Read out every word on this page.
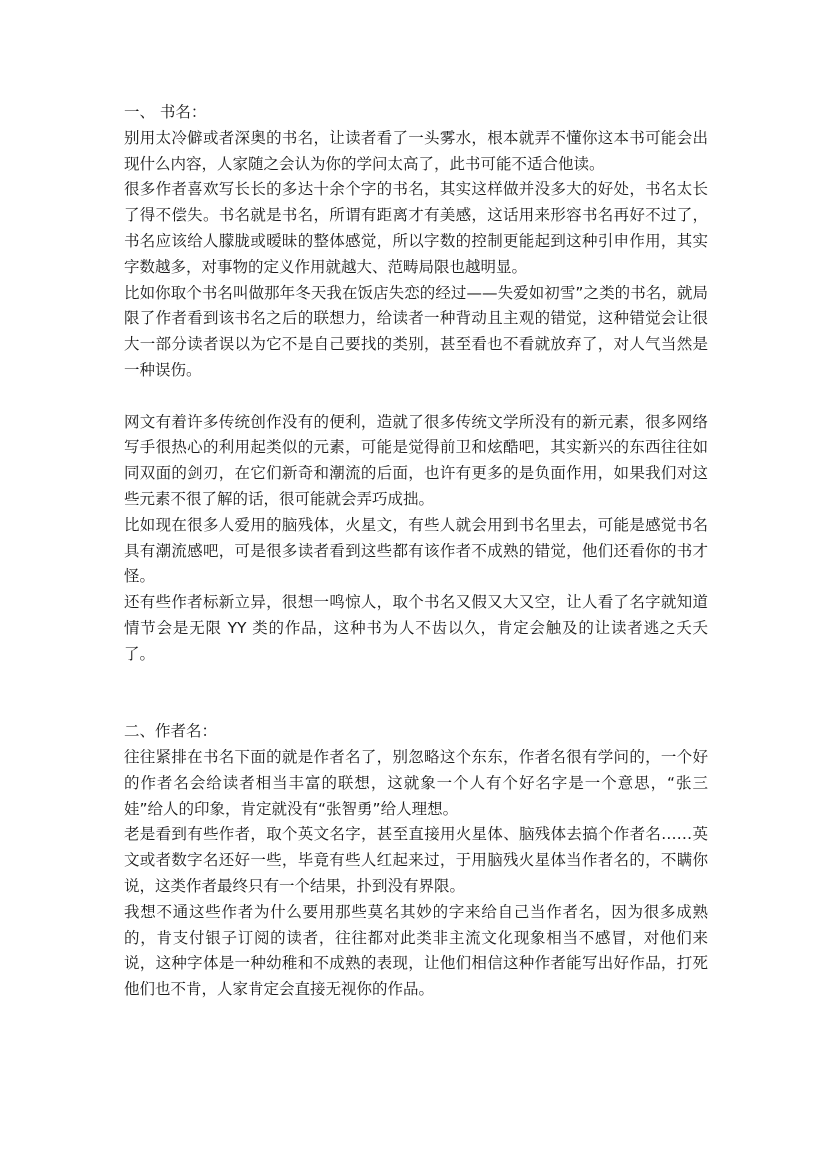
一、 书名：

别用太冷僻或者深奥的书名，让读者看了一头雾水，根本就弄不懂你这本书可能会出现什么内容，人家随之会认为你的学问太高了，此书可能不适合他读。

很多作者喜欢写长长的多达十余个字的书名，其实这样做并没多大的好处，书名太长了得不偿失。书名就是书名，所谓有距离才有美感，这话用来形容书名再好不过了，书名应该给人朦胧或暧昧的整体感觉，所以字数的控制更能起到这种引申作用，其实字数越多，对事物的定义作用就越大、范畴局限也越明显。

比如你取个书名叫做那年冬天我在饭店失恋的经过——失爱如初雪”之类的书名，就局限了作者看到该书名之后的联想力，给读者一种背动且主观的错觉，这种错觉会让很大一部分读者误以为它不是自己要找的类别，甚至看也不看就放弃了，对人气当然是一种误伤。

网文有着许多传统创作没有的便利，造就了很多传统文学所没有的新元素，很多网络写手很热心的利用起类似的元素，可能是觉得前卫和炫酷吧，其实新兴的东西往往如同双面的剑刃，在它们新奇和潮流的后面，也许有更多的是负面作用，如果我们对这些元素不很了解的话，很可能就会弄巧成拙。

比如现在很多人爱用的脑残体，火星文，有些人就会用到书名里去，可能是感觉书名具有潮流感吧，可是很多读者看到这些都有该作者不成熟的错觉，他们还看你的书才怪。

还有些作者标新立异，很想一鸣惊人，取个书名又假又大又空，让人看了名字就知道情节会是无限 YY 类的作品，这种书为人不齿以久，肯定会触及的让读者逃之夭夭了。

二、作者名：

往往紧排在书名下面的就是作者名了，别忽略这个东东，作者名很有学问的，一个好的作者名会给读者相当丰富的联想，这就象一个人有个好名字是一个意思，“张三娃”给人的印象，肯定就没有“张智勇”给人理想。

老是看到有些作者，取个英文名字，甚至直接用火星体、脑残体去搞个作者名……英文或者数字名还好一些，毕竟有些人红起来过，于用脑残火星体当作者名的，不瞒你说，这类作者最终只有一个结果，扑到没有界限。

我想不通这些作者为什么要用那些莫名其妙的字来给自己当作者名，因为很多成熟的，肯支付银子订阅的读者，往往都对此类非主流文化现象相当不感冒，对他们来说，这种字体是一种幼稚和不成熟的表现，让他们相信这种作者能写出好作品，打死他们也不肯，人家肯定会直接无视你的作品。
